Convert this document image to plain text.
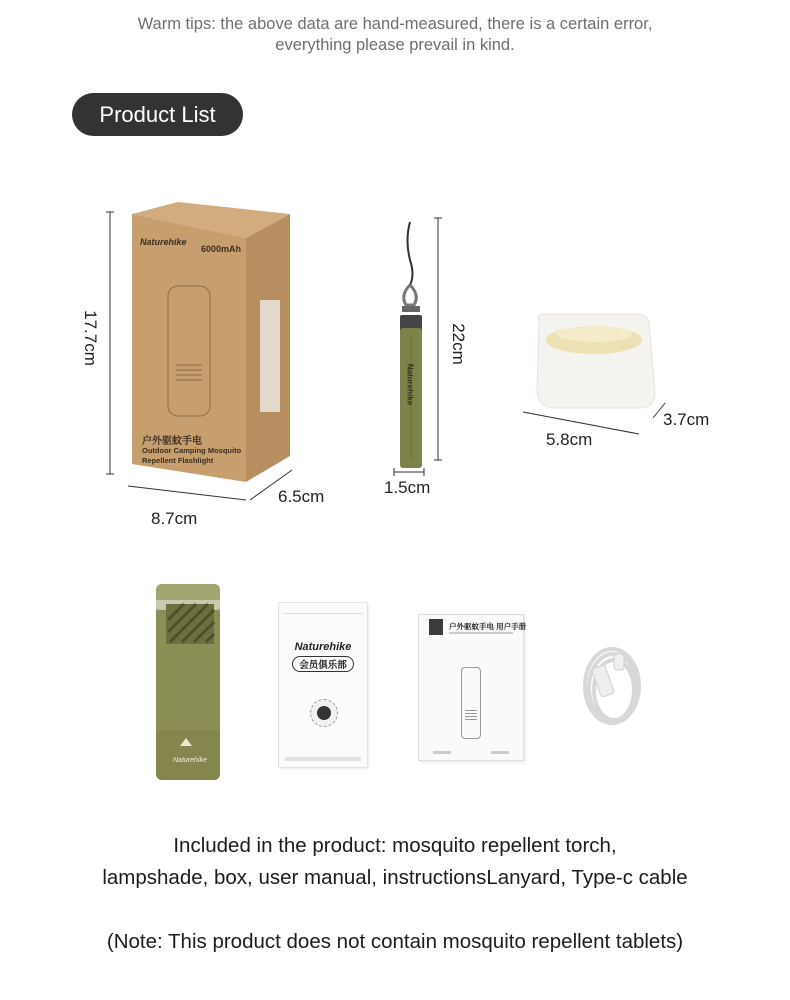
Warm tips: the above data are hand-measured, there is a certain error,
everything please prevail in kind.
Product List
Naturehike
6000mAh
户外驱蚊手电
Outdoor Camping Mosquito
Repellent Flashlight
17.7cm
8.7cm
6.5cm
Naturehike
22cm
1.5cm
5.8cm
3.7cm
Naturehike
Naturehike
会员俱乐部
户外驱蚊手电 用户手册
Included in the product: mosquito repellent torch,
lampshade, box, user manual, instructionsLanyard, Type-c cable
(Note: This product does not contain mosquito repellent tablets)
